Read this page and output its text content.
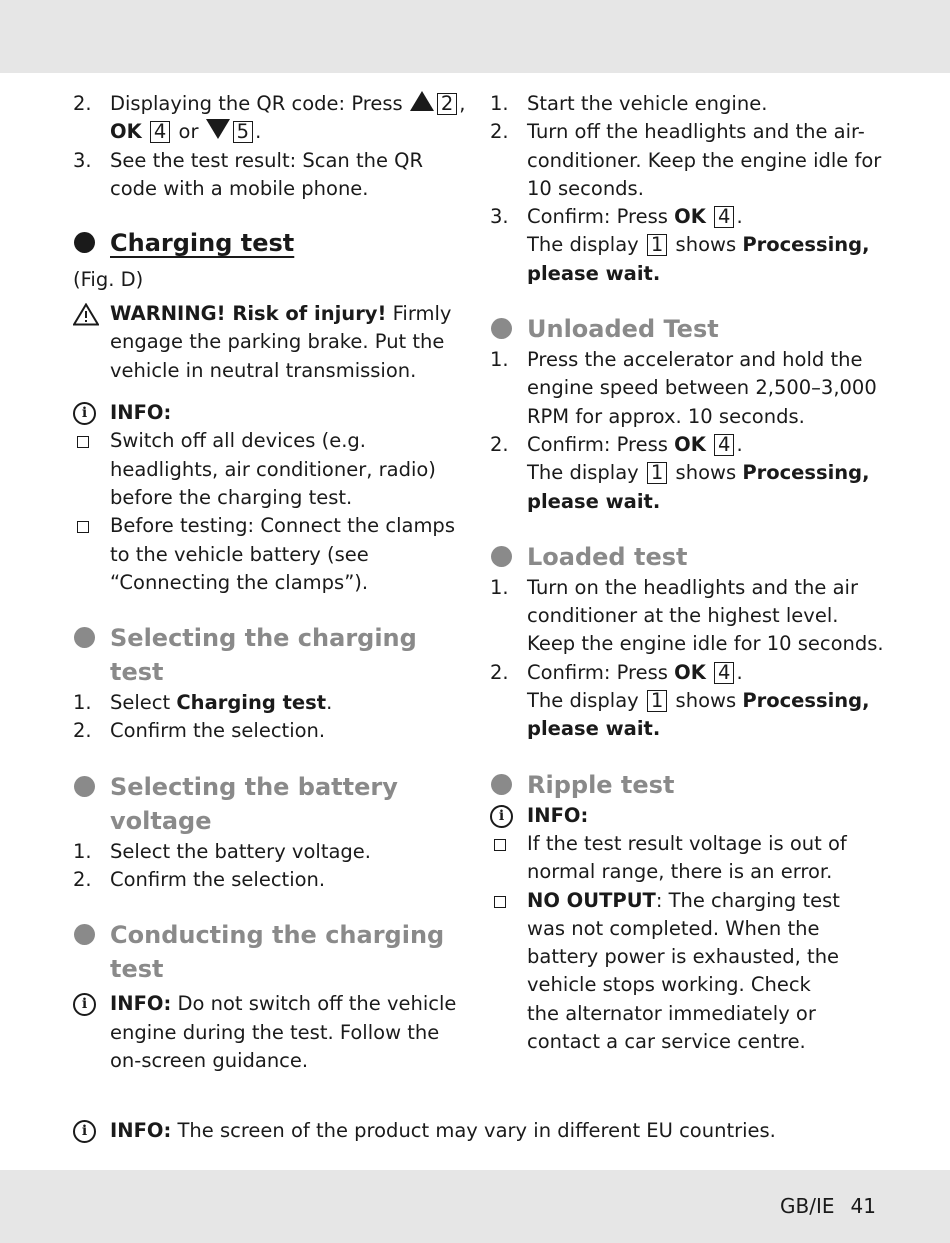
2. Displaying the QR code: Press 2 , OK 4 or 5 .
3. See the test result: Scan the QR code with a mobile phone.
Charging test
(Fig. D)
WARNING! Risk of injury! Firmly engage the parking brake. Put the vehicle in neutral transmission.
i	INFO:
Switch off all devices (e.g. headlights, air conditioner, radio) before the charging test.
Before testing: Connect the clamps to the vehicle battery (see “Connecting the clamps”).
Selecting the charging test
1. Select Charging test.
2. Confirm the selection.
Selecting the battery voltage
1. Select the battery voltage.
2. Confirm the selection.
Conducting the charging test
i	INFO: Do not switch off the vehicle engine during the test. Follow the on-screen guidance.
1. Start the vehicle engine.
2. Turn off the headlights and the air-conditioner. Keep the engine idle for 10 seconds.
3. Confirm: Press OK 4 .
The display 1 shows Processing, please wait.
Unloaded Test
1. Press the accelerator and hold the engine speed between 2,500–3,000 RPM for approx. 10 seconds.
2. Confirm: Press OK 4 .
The display 1 shows Processing, please wait.
Loaded test
1. Turn on the headlights and the air conditioner at the highest level. Keep the engine idle for 10 seconds.
2. Confirm: Press OK 4 .
The display 1 shows Processing, please wait.
Ripple test
i	INFO:
If the test result voltage is out of normal range, there is an error.
NO OUTPUT: The charging test was not completed. When the battery power is exhausted, the vehicle stops working. Check the alternator immediately or contact a car service centre.
i	INFO: The screen of the product may vary in different EU countries.
GB/IE 41
